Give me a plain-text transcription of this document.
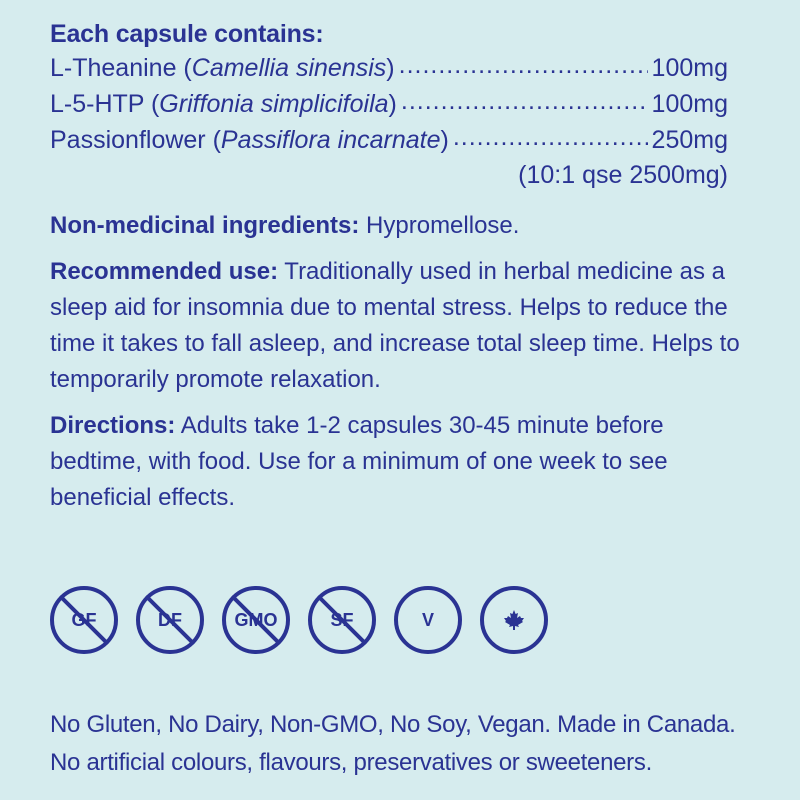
Each capsule contains:
L-Theanine (Camellia sinensis) .....	100mg
L-5-HTP (Griffonia simplicifoila) .....	100mg
Passionflower (Passiflora incarnate) .....	250mg
(10:1 qse 2500mg)
Non-medicinal ingredients: Hypromellose.
Recommended use: Traditionally used in herbal medicine as a sleep aid for insomnia due to mental stress. Helps to reduce the time it takes to fall asleep, and increase total sleep time. Helps to temporarily promote relaxation.
Directions: Adults take 1-2 capsules 30-45 minute before bedtime, with food. Use for a minimum of one week to see beneficial effects.
GF	DF	GMO	SF	V
No Gluten, No Dairy, Non-GMO, No Soy, Vegan. Made in Canada.
No artificial colours, flavours, preservatives or sweeteners.
